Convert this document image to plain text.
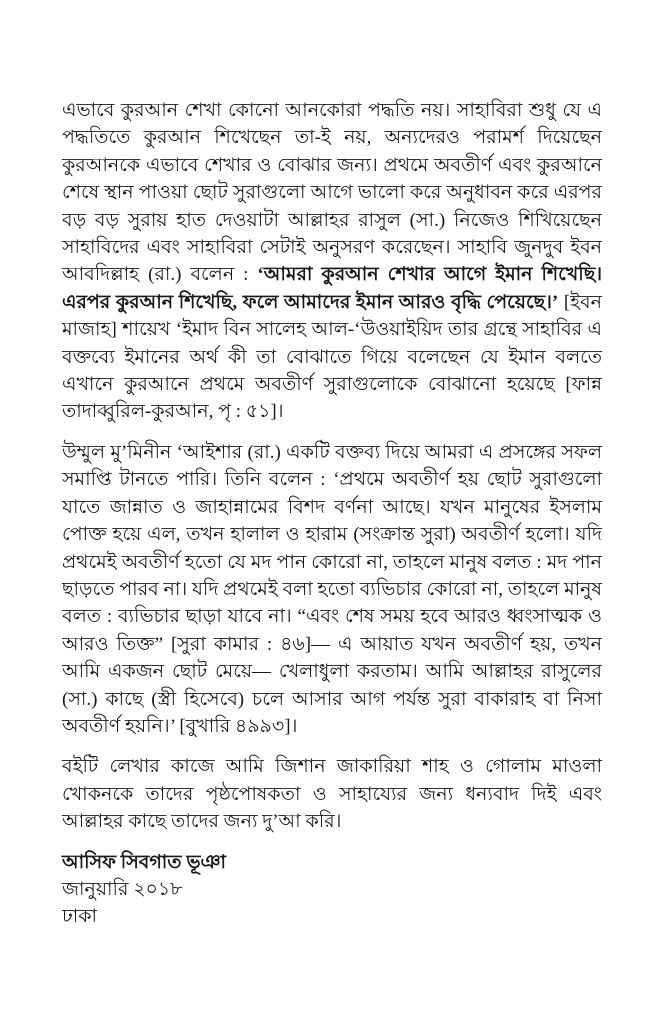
এভাবে কুরআন শেখা কোনো আনকোরা পদ্ধতি নয়। সাহাবিরা শুধু যে এ পদ্ধতিতে কুরআন শিখেছেন তা-ই নয়, অন্যদেরও পরামর্শ দিয়েছেন কুরআনকে এভাবে শেখার ও বোঝার জন্য। প্রথমে অবতীর্ণ এবং কুরআনে শেষে স্থান পাওয়া ছোট সুরাগুলো আগে ভালো করে অনুধাবন করে এরপর বড় বড় সুরায় হাত দেওয়াটা আল্লাহর রাসুল (সা.) নিজেও শিখিয়েছেন সাহাবিদের এবং সাহাবিরা সেটাই অনুসরণ করেছেন। সাহাবি জুনদুব ইবন আবদিল্লাহ (রা.) বলেন : ‘আমরা কুরআন শেখার আগে ইমান শিখেছি। এরপর কুরআন শিখেছি, ফলে আমাদের ইমান আরও বৃদ্ধি পেয়েছে।’ [ইবন মাজাহ] শায়েখ ‘ইমাদ বিন সালেহ আল-‘উওয়াইয়িদ তার গ্রন্থে সাহাবির এ বক্তব্যে ইমানের অর্থ কী তা বোঝাতে গিয়ে বলেছেন যে ইমান বলতে এখানে কুরআনে প্রথমে অবতীর্ণ সুরাগুলোকে বোঝানো হয়েছে [ফান্ন তাদাব্বুরিল-কুরআন, পৃ : ৫১]।

উম্মুল মু’মিনীন ‘আইশার (রা.) একটি বক্তব্য দিয়ে আমরা এ প্রসঙ্গের সফল সমাপ্তি টানতে পারি। তিনি বলেন : ‘প্রথমে অবতীর্ণ হয় ছোট সুরাগুলো যাতে জান্নাত ও জাহান্নামের বিশদ বর্ণনা আছে। যখন মানুষের ইসলাম পোক্ত হয়ে এল, তখন হালাল ও হারাম (সংক্রান্ত সুরা) অবতীর্ণ হলো। যদি প্রথমেই অবতীর্ণ হতো যে মদ পান কোরো না, তাহলে মানুষ বলত : মদ পান ছাড়তে পারব না। যদি প্রথমেই বলা হতো ব্যভিচার কোরো না, তাহলে মানুষ বলত : ব্যভিচার ছাড়া যাবে না। “এবং শেষ সময় হবে আরও ধ্বংসাত্মক ও আরও তিক্ত” [সুরা কামার : ৪৬]— এ আয়াত যখন অবতীর্ণ হয়, তখন আমি একজন ছোট মেয়ে— খেলাধুলা করতাম। আমি আল্লাহর রাসুলের (সা.) কাছে (স্ত্রী হিসেবে) চলে আসার আগ পর্যন্ত সুরা বাকারাহ বা নিসা অবতীর্ণ হয়নি।’ [বুখারি ৪৯৯৩]।

বইটি লেখার কাজে আমি জিশান জাকারিয়া শাহ ও গোলাম মাওলা খোকনকে তাদের পৃষ্ঠপোষকতা ও সাহায্যের জন্য ধন্যবাদ দিই এবং আল্লাহর কাছে তাদের জন্য দু’আ করি।

আসিফ সিবগাত ভূঞা
জানুয়ারি ২০১৮
ঢাকা
